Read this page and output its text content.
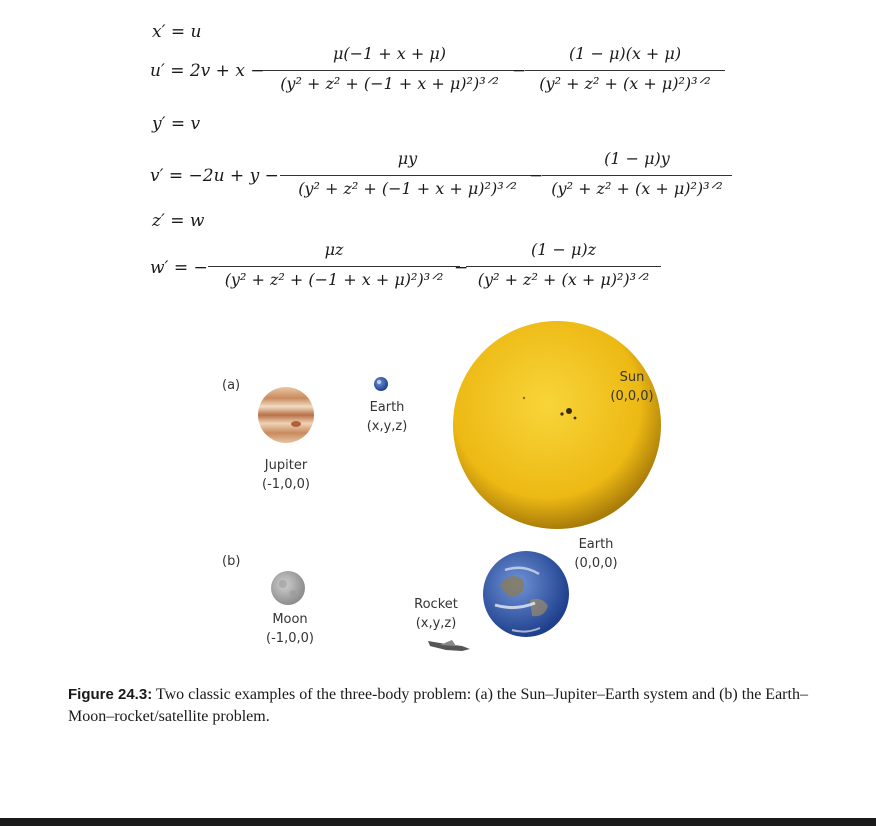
x′ = u
u′ = 2v + x −
μ(−1 + x + μ)
(y² + z² + (−1 + x + μ)²)³ᐟ²
−
(1 − μ)(x + μ)
(y² + z² + (x + μ)²)³ᐟ²
y′ = v
v′ = −2u + y −
μy
(y² + z² + (−1 + x + μ)²)³ᐟ²
−
(1 − μ)y
(y² + z² + (x + μ)²)³ᐟ²
z′ = w
w′ = −
μz
(y² + z² + (−1 + x + μ)²)³ᐟ²
−
(1 − μ)z
(y² + z² + (x + μ)²)³ᐟ²
(a)
(b)
Jupiter
(-1,0,0)
Earth
(x,y,z)
Sun
(0,0,0)
Moon
(-1,0,0)
Rocket
(x,y,z)
Earth
(0,0,0)
Figure 24.3: Two classic examples of the three-body problem: (a) the Sun–Jupiter–Earth system and (b) the Earth–Moon–rocket/satellite problem.
